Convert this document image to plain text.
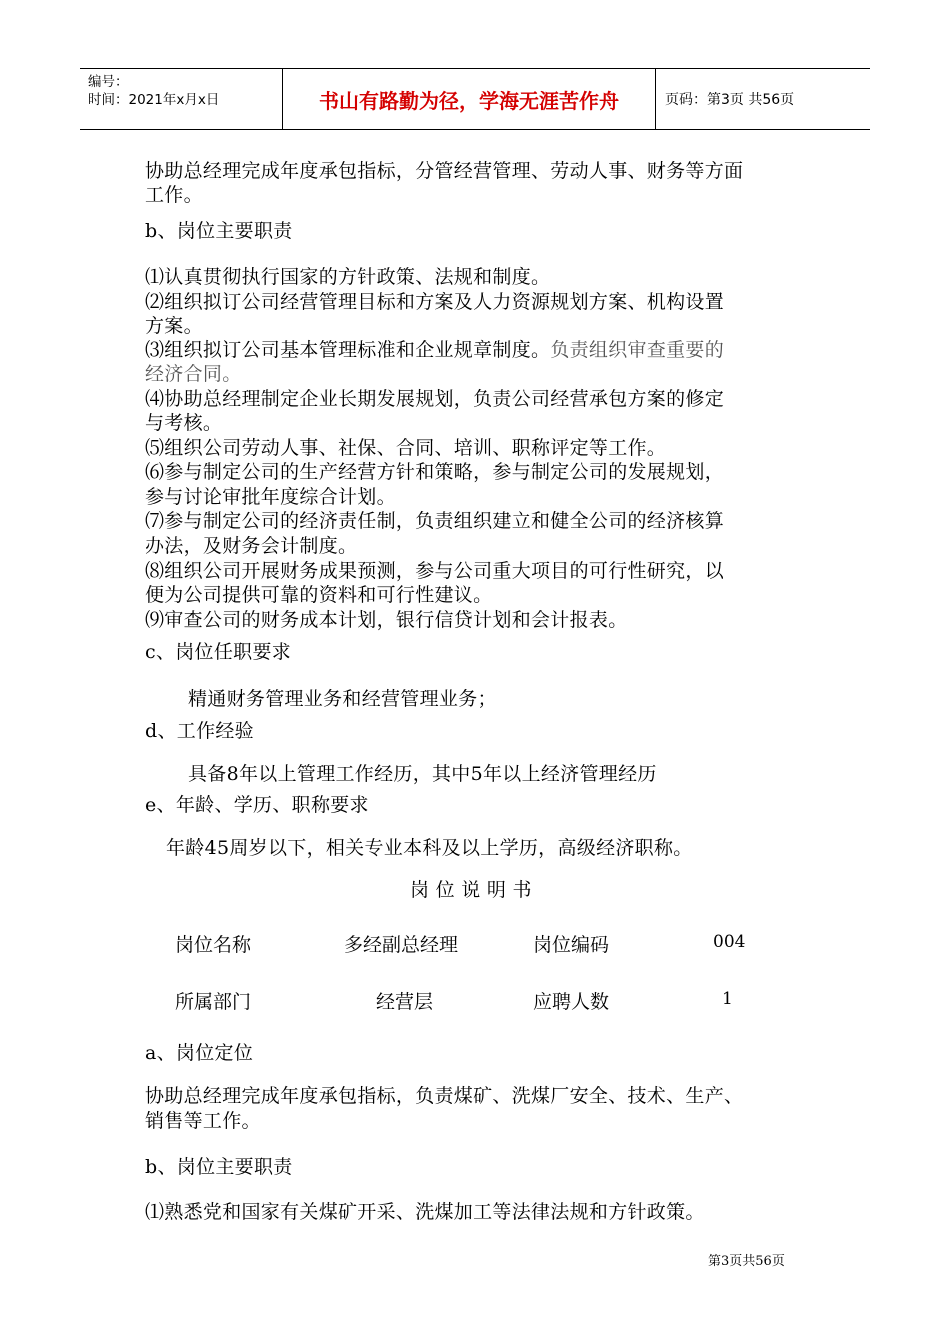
编号：
时间：2021年x月x日	书山有路勤为径，学海无涯苦作舟	页码：第3页 共56页
协助总经理完成年度承包指标，分管经营管理、劳动人事、财务等方面
工作。
b、岗位主要职责
⑴认真贯彻执行国家的方针政策、法规和制度。
⑵组织拟订公司经营管理目标和方案及人力资源规划方案、机构设置
方案。
⑶组织拟订公司基本管理标准和企业规章制度。负责组织审查重要的
经济合同。
⑷协助总经理制定企业长期发展规划，负责公司经营承包方案的修定
与考核。
⑸组织公司劳动人事、社保、合同、培训、职称评定等工作。
⑹参与制定公司的生产经营方针和策略，参与制定公司的发展规划，
参与讨论审批年度综合计划。
⑺参与制定公司的经济责任制，负责组织建立和健全公司的经济核算
办法，及财务会计制度。
⑻组织公司开展财务成果预测，参与公司重大项目的可行性研究，以
便为公司提供可靠的资料和可行性建议。
⑼审查公司的财务成本计划，银行信贷计划和会计报表。
c、岗位任职要求
精通财务管理业务和经营管理业务；
d、工作经验
具备8年以上管理工作经历，其中5年以上经济管理经历
e、年龄、学历、职称要求
年龄45周岁以下，相关专业本科及以上学历，高级经济职称。
岗 位 说 明 书
岗位名称	多经副总经理	岗位编码	004
所属部门	经营层	应聘人数	1
a、岗位定位
协助总经理完成年度承包指标，负责煤矿、洗煤厂安全、技术、生产、
销售等工作。
b、岗位主要职责
⑴熟悉党和国家有关煤矿开采、洗煤加工等法律法规和方针政策。
第3页共56页
